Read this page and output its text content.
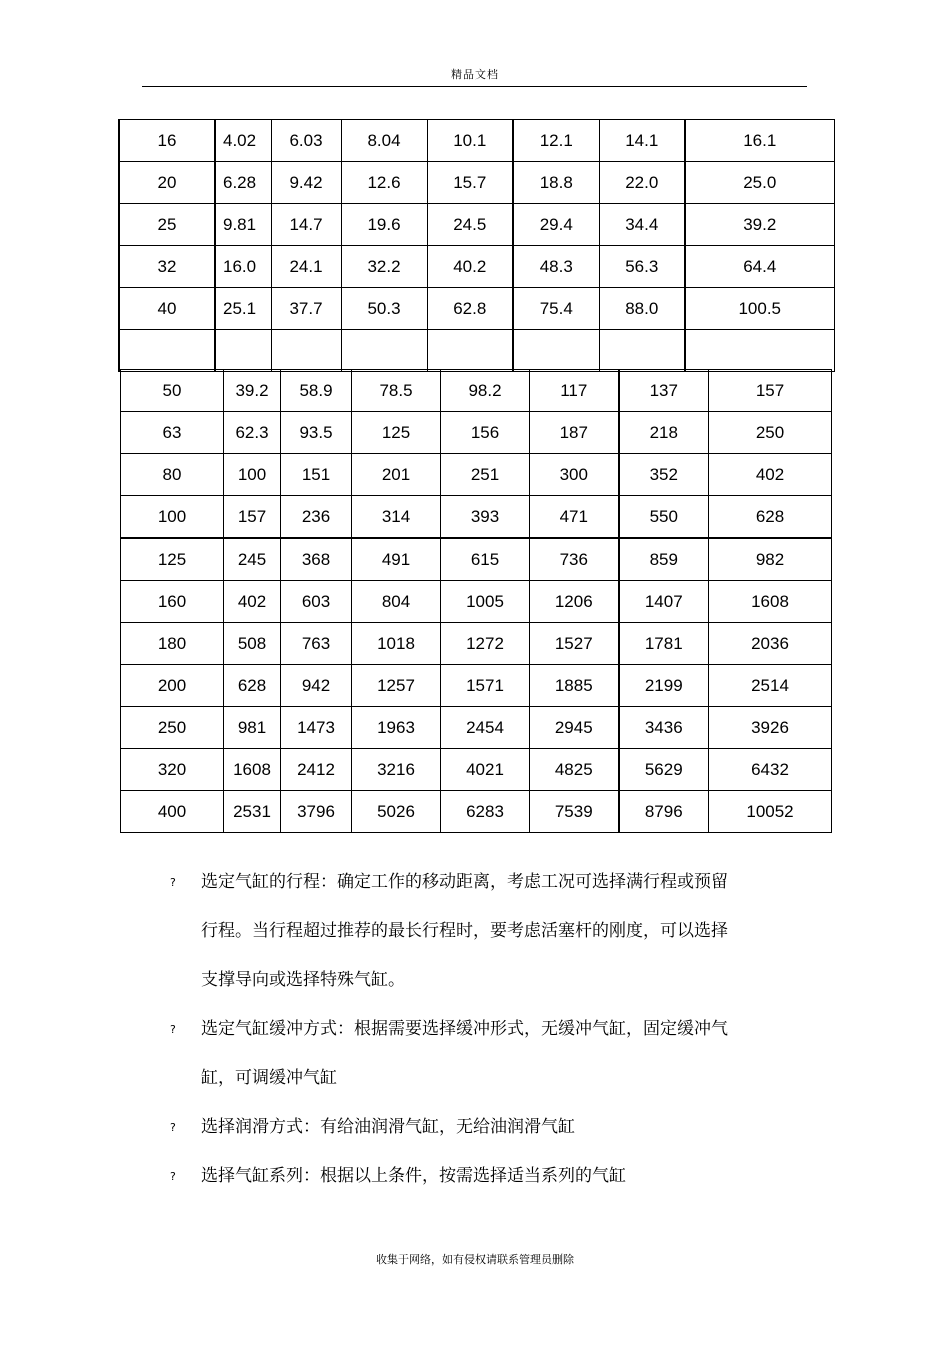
精品文档
16	4.02	6.03	8.04	10.1	12.1	14.1	16.1
20	6.28	9.42	12.6	15.7	18.8	22.0	25.0
25	9.81	14.7	19.6	24.5	29.4	34.4	39.2
32	16.0	24.1	32.2	40.2	48.3	56.3	64.4
40	25.1	37.7	50.3	62.8	75.4	88.0	100.5

50	39.2	58.9	78.5	98.2	117	137	157
63	62.3	93.5	125	156	187	218	250
80	100	151	201	251	300	352	402
100	157	236	314	393	471	550	628
125	245	368	491	615	736	859	982
160	402	603	804	1005	1206	1407	1608
180	508	763	1018	1272	1527	1781	2036
200	628	942	1257	1571	1885	2199	2514
250	981	1473	1963	2454	2945	3436	3926
320	1608	2412	3216	4021	4825	5629	6432
400	2531	3796	5026	6283	7539	8796	10052
? 选定气缸的行程：确定工作的移动距离，考虑工况可选择满行程或预留
行程。当行程超过推荐的最长行程时，要考虑活塞杆的刚度，可以选择
支撑导向或选择特殊气缸。
? 选定气缸缓冲方式：根据需要选择缓冲形式，无缓冲气缸，固定缓冲气
缸，可调缓冲气缸
? 选择润滑方式：有给油润滑气缸，无给油润滑气缸
? 选择气缸系列：根据以上条件，按需选择适当系列的气缸
收集于网络，如有侵权请联系管理员删除
